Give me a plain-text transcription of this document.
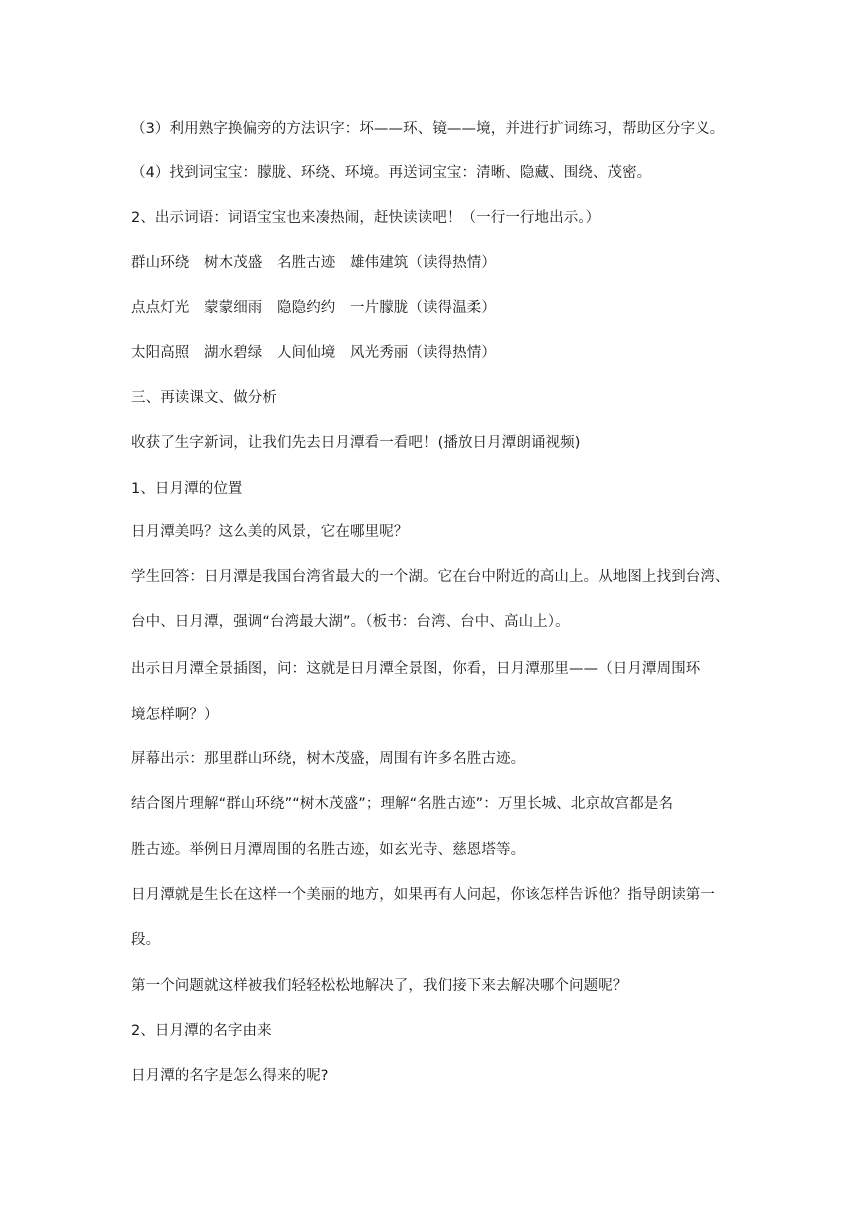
（3）利用熟字换偏旁的方法识字：坏——环、镜——境，并进行扩词练习，帮助区分字义。
（4）找到词宝宝：朦胧、环绕、环境。再送词宝宝：清晰、隐藏、围绕、茂密。
2、出示词语：词语宝宝也来凑热闹，赶快读读吧！（一行一行地出示。）
群山环绕　树木茂盛　名胜古迹　雄伟建筑（读得热情）
点点灯光　蒙蒙细雨　隐隐约约　一片朦胧（读得温柔）
太阳高照　湖水碧绿　人间仙境　风光秀丽（读得热情）
三、再读课文、做分析
收获了生字新词，让我们先去日月潭看一看吧！(播放日月潭朗诵视频)
1、日月潭的位置
日月潭美吗？这么美的风景，它在哪里呢？
学生回答：日月潭是我国台湾省最大的一个湖。它在台中附近的高山上。从地图上找到台湾、
台中、日月潭，强调“台湾最大湖”。（板书：台湾、台中、高山上）。
出示日月潭全景插图，问：这就是日月潭全景图，你看，日月潭那里——（日月潭周围环
境怎样啊？）
屏幕出示：那里群山环绕，树木茂盛，周围有许多名胜古迹。
结合图片理解“群山环绕”“树木茂盛”；理解“名胜古迹”：万里长城、北京故宫都是名
胜古迹。举例日月潭周围的名胜古迹，如玄光寺、慈恩塔等。
日月潭就是生长在这样一个美丽的地方，如果再有人问起，你该怎样告诉他？指导朗读第一
段。
第一个问题就这样被我们轻轻松松地解决了，我们接下来去解决哪个问题呢？
2、日月潭的名字由来
日月潭的名字是怎么得来的呢?
